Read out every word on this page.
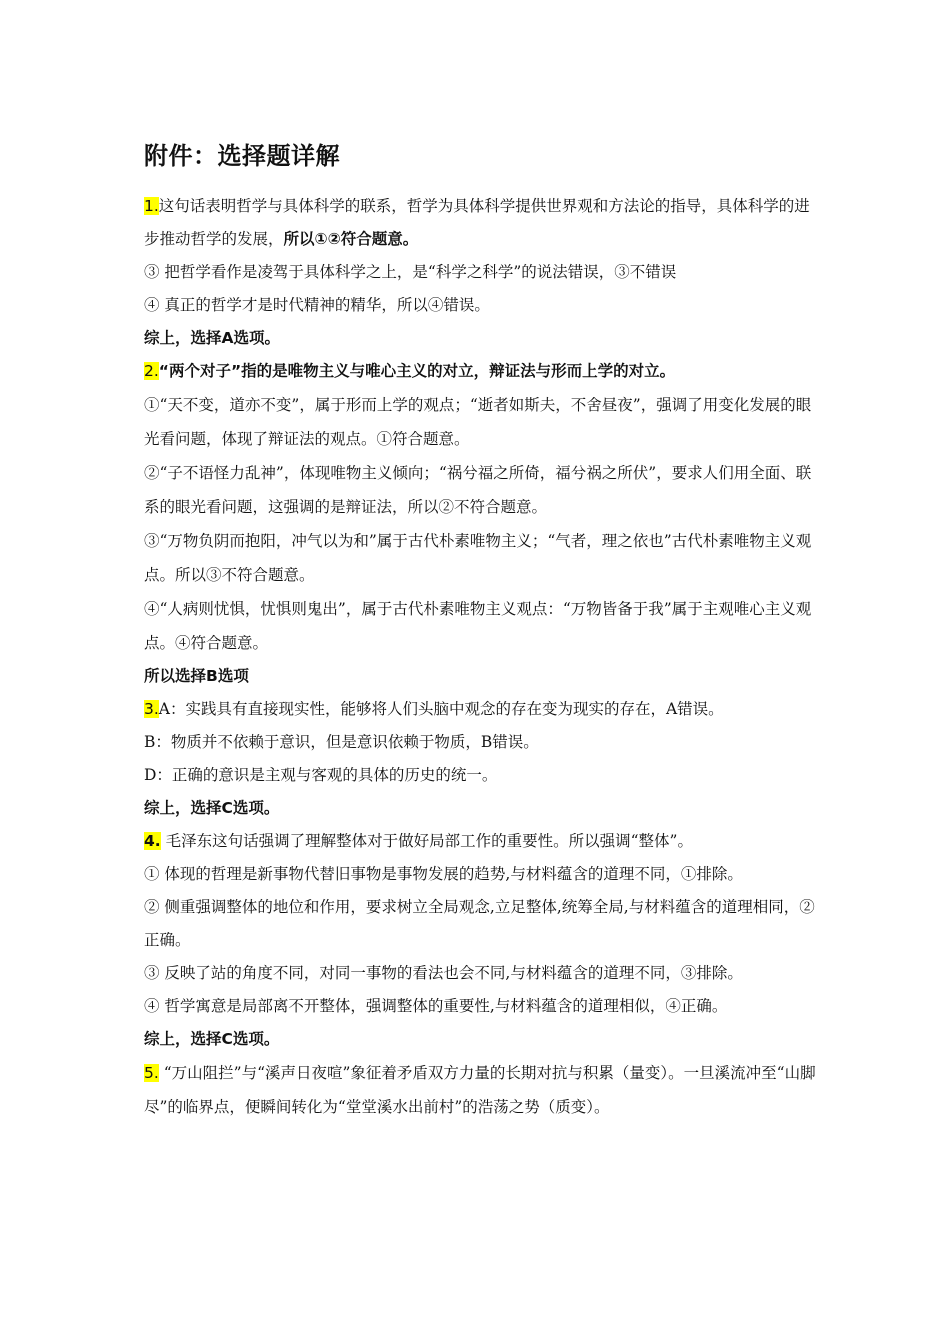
附件：选择题详解
1.这句话表明哲学与具体科学的联系，哲学为具体科学提供世界观和方法论的指导，具体科学的进步推动哲学的发展，所以①②符合题意。
③ 把哲学看作是凌驾于具体科学之上，是“科学之科学”的说法错误，③不错误
④ 真正的哲学才是时代精神的精华，所以④错误。
综上，选择A选项。
2.“两个对子”指的是唯物主义与唯心主义的对立，辩证法与形而上学的对立。
①“天不变，道亦不变”，属于形而上学的观点；“逝者如斯夫，不舍昼夜”，强调了用变化发展的眼光看问题，体现了辩证法的观点。①符合题意。
②“子不语怪力乱神”，体现唯物主义倾向；“祸兮福之所倚，福兮祸之所伏”，要求人们用全面、联系的眼光看问题，这强调的是辩证法，所以②不符合题意。
③“万物负阴而抱阳，冲气以为和”属于古代朴素唯物主义；“气者，理之依也”古代朴素唯物主义观点。所以③不符合题意。
④“人病则忧惧，忧惧则鬼出”，属于古代朴素唯物主义观点：“万物皆备于我”属于主观唯心主义观点。④符合题意。
所以选择B选项
3.A：实践具有直接现实性，能够将人们头脑中观念的存在变为现实的存在，A错误。
B：物质并不依赖于意识，但是意识依赖于物质，B错误。
D：正确的意识是主观与客观的具体的历史的统一。
综上，选择C选项。
4. 毛泽东这句话强调了理解整体对于做好局部工作的重要性。所以强调“整体”。
① 体现的哲理是新事物代替旧事物是事物发展的趋势,与材料蕴含的道理不同，①排除。
② 侧重强调整体的地位和作用，要求树立全局观念,立足整体,统筹全局,与材料蕴含的道理相同，②正确。
③ 反映了站的角度不同，对同一事物的看法也会不同,与材料蕴含的道理不同，③排除。
④ 哲学寓意是局部离不开整体，强调整体的重要性,与材料蕴含的道理相似，④正确。
综上，选择C选项。
5. “万山阻拦”与“溪声日夜喧”象征着矛盾双方力量的长期对抗与积累（量变）。一旦溪流冲至“山脚尽”的临界点，便瞬间转化为“堂堂溪水出前村”的浩荡之势（质变）。
